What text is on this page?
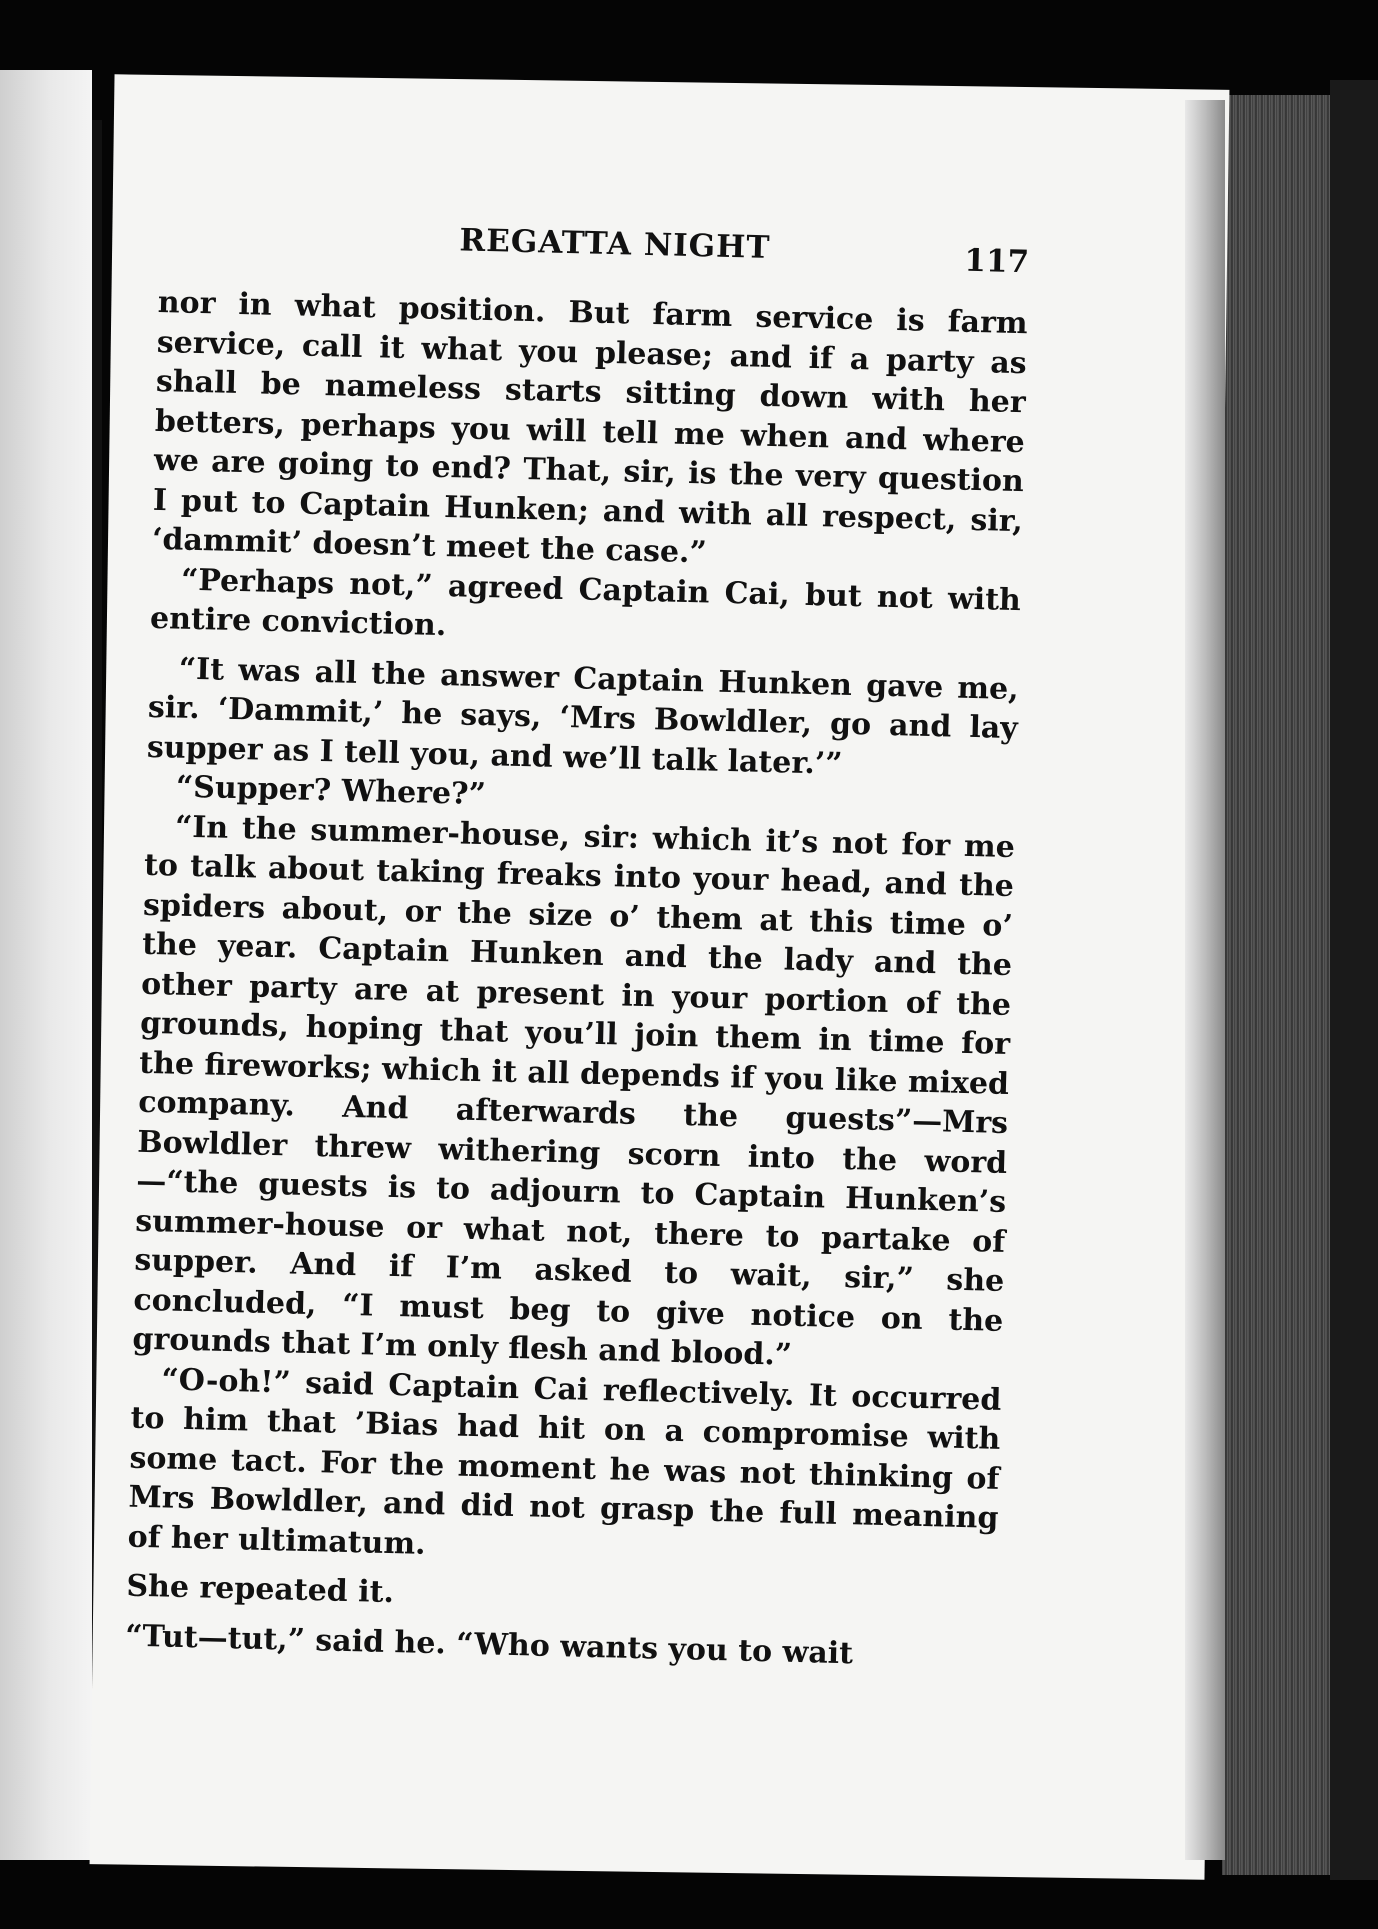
REGATTA NIGHT	117

nor in what position. But farm service is farm service, call it what you please; and if a party as shall be nameless starts sitting down with her betters, perhaps you will tell me when and where we are going to end? That, sir, is the very question I put to Captain Hunken; and with all respect, sir, ‘dammit’ doesn’t meet the case.”

“Perhaps not,” agreed Captain Cai, but not with entire conviction.

“It was all the answer Captain Hunken gave me, sir. ‘Dammit,’ he says, ‘Mrs Bowldler, go and lay supper as I tell you, and we’ll talk later.’”

“Supper? Where?”

“In the summer-house, sir: which it’s not for me to talk about taking freaks into your head, and the spiders about, or the size o’ them at this time o’ the year. Captain Hunken and the lady and the other party are at present in your portion of the grounds, hoping that you’ll join them in time for the fireworks; which it all depends if you like mixed company. And afterwards the guests”—Mrs Bowldler threw withering scorn into the word—“the guests is to adjourn to Captain Hunken’s summer-house or what not, there to partake of supper. And if I’m asked to wait, sir,” she concluded, “I must beg to give notice on the grounds that I’m only flesh and blood.”

“O-oh!” said Captain Cai reflectively. It occurred to him that ’Bias had hit on a compromise with some tact. For the moment he was not thinking of Mrs Bowldler, and did not grasp the full meaning of her ultimatum.

She repeated it.

“Tut—tut,” said he. “Who wants you to wait
